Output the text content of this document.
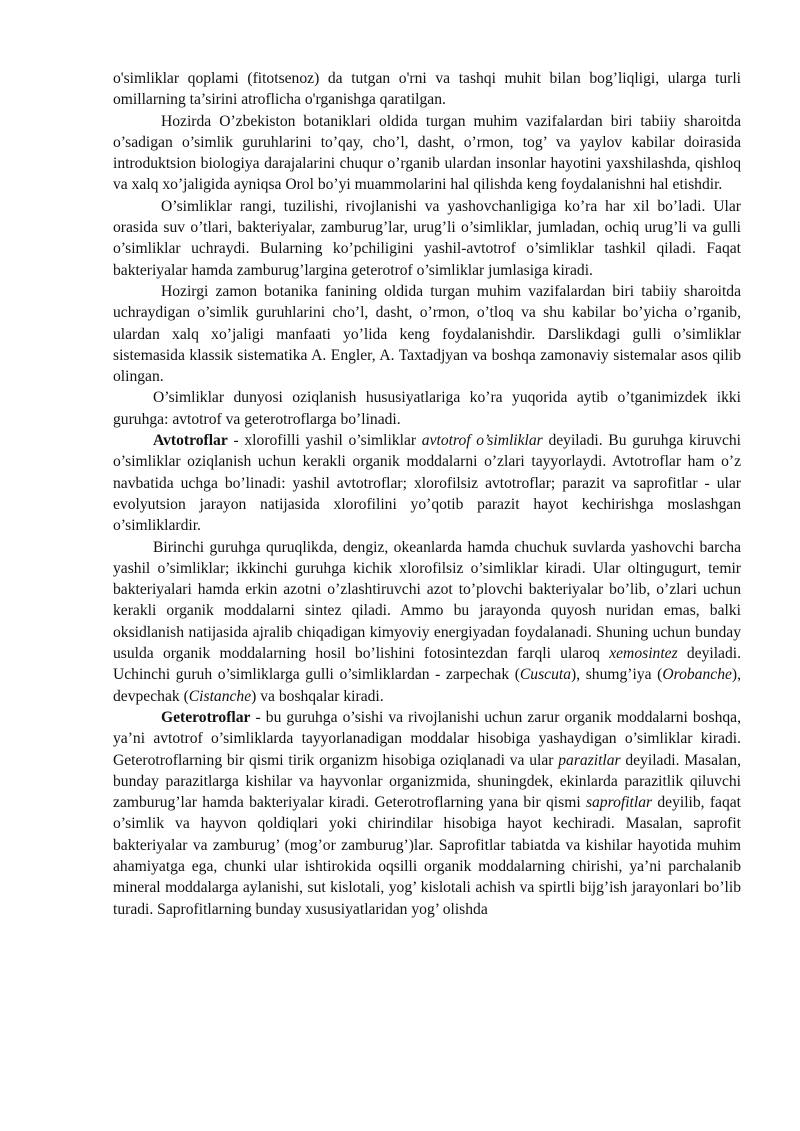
o'simliklar qoplami (fitotsenoz) da tutgan o'rni va tashqi muhit bilan bog’liqligi, ularga turli omillarning ta’sirini atroflicha o'rganishga qaratilgan.

Hozirda O’zbekiston botaniklari oldida turgan muhim vazifalardan biri tabiiy sharoitda o’sadigan o’simlik guruhlarini to’qay, cho’l, dasht, o’rmon, tog’ va yaylov kabilar doirasida introduktsion biologiya darajalarini chuqur o’rganib ulardan insonlar hayotini yaxshilashda, qishloq va xalq xo’jaligida ayniqsa Orol bo’yi muammolarini hal qilishda keng foydalanishni hal etishdir.

O’simliklar rangi, tuzilishi, rivojlanishi va yashovchanligiga ko’ra har xil bo’ladi. Ular orasida suv o’tlari, bakteriyalar, zamburug’lar, urug’li o’simliklar, jumladan, ochiq urug’li va gulli o’simliklar uchraydi. Bularning ko’pchiligini yashil-avtotrof o’simliklar tashkil qiladi. Faqat bakteriyalar hamda zamburug’largina geterotrof o’simliklar jumlasiga kiradi.

Hozirgi zamon botanika fanining oldida turgan muhim vazifalardan biri tabiiy sharoitda uchraydigan o’simlik guruhlarini cho’l, dasht, o’rmon, o’tloq va shu kabilar bo’yicha o’rganib, ulardan xalq xo’jaligi manfaati yo’lida keng foydalanishdir. Darslikdagi gulli o’simliklar sistemasida klassik sistematika A. Engler, A. Taxtadjyan va boshqa zamonaviy sistemalar asos qilib olingan.

O’simliklar dunyosi oziqlanish hususiyatlariga ko’ra yuqorida aytib o’tganimizdek ikki guruhga: avtotrof va geterotroflarga bo’linadi.

Avtotroflar - xlorofilli yashil o’simliklar avtotrof o’simliklar deyiladi. Bu guruhga kiruvchi o’simliklar oziqlanish uchun kerakli organik moddalarni o’zlari tayyorlaydi. Avtotroflar ham o’z navbatida uchga bo’linadi: yashil avtotroflar; xlorofilsiz avtotroflar; parazit va saprofitlar - ular evolyutsion jarayon natijasida xlorofilini yo’qotib parazit hayot kechirishga moslashgan o’simliklardir.

Birinchi guruhga quruqlikda, dengiz, okeanlarda hamda chuchuk suvlarda yashovchi barcha yashil o’simliklar; ikkinchi guruhga kichik xlorofilsiz o’simliklar kiradi. Ular oltingugurt, temir bakteriyalari hamda erkin azotni o’zlashtiruvchi azot to’plovchi bakteriyalar bo’lib, o’zlari uchun kerakli organik moddalarni sintez qiladi. Ammo bu jarayonda quyosh nuridan emas, balki oksidlanish natijasida ajralib chiqadigan kimyoviy energiyadan foydalanadi. Shuning uchun bunday usulda organik moddalarning hosil bo’lishini fotosintezdan farqli ularoq xemosintez deyiladi. Uchinchi guruh o’simliklarga gulli o’simliklardan - zarpechak (Cuscuta), shumg’iya (Orobanche), devpechak (Cistanche) va boshqalar kiradi.

Geterotroflar - bu guruhga o’sishi va rivojlanishi uchun zarur organik moddalarni boshqa, ya’ni avtotrof o’simliklarda tayyorlanadigan moddalar hisobiga yashaydigan o’simliklar kiradi. Geterotroflarning bir qismi tirik organizm hisobiga oziqlanadi va ular parazitlar deyiladi. Masalan, bunday parazitlarga kishilar va hayvonlar organizmida, shuningdek, ekinlarda parazitlik qiluvchi zamburug’lar hamda bakteriyalar kiradi. Geterotroflarning yana bir qismi saprofitlar deyilib, faqat o’simlik va hayvon qoldiqlari yoki chirindilar hisobiga hayot kechiradi. Masalan, saprofit bakteriyalar va zamburug’ (mog’or zamburug’)lar. Saprofitlar tabiatda va kishilar hayotida muhim ahamiyatga ega, chunki ular ishtirokida oqsilli organik moddalarning chirishi, ya’ni parchalanib mineral moddalarga aylanishi, sut kislotali, yog’ kislotali achish va spirtli bijg’ish jarayonlari bo’lib turadi. Saprofitlarning bunday xususiyatlaridan yog’ olishda
